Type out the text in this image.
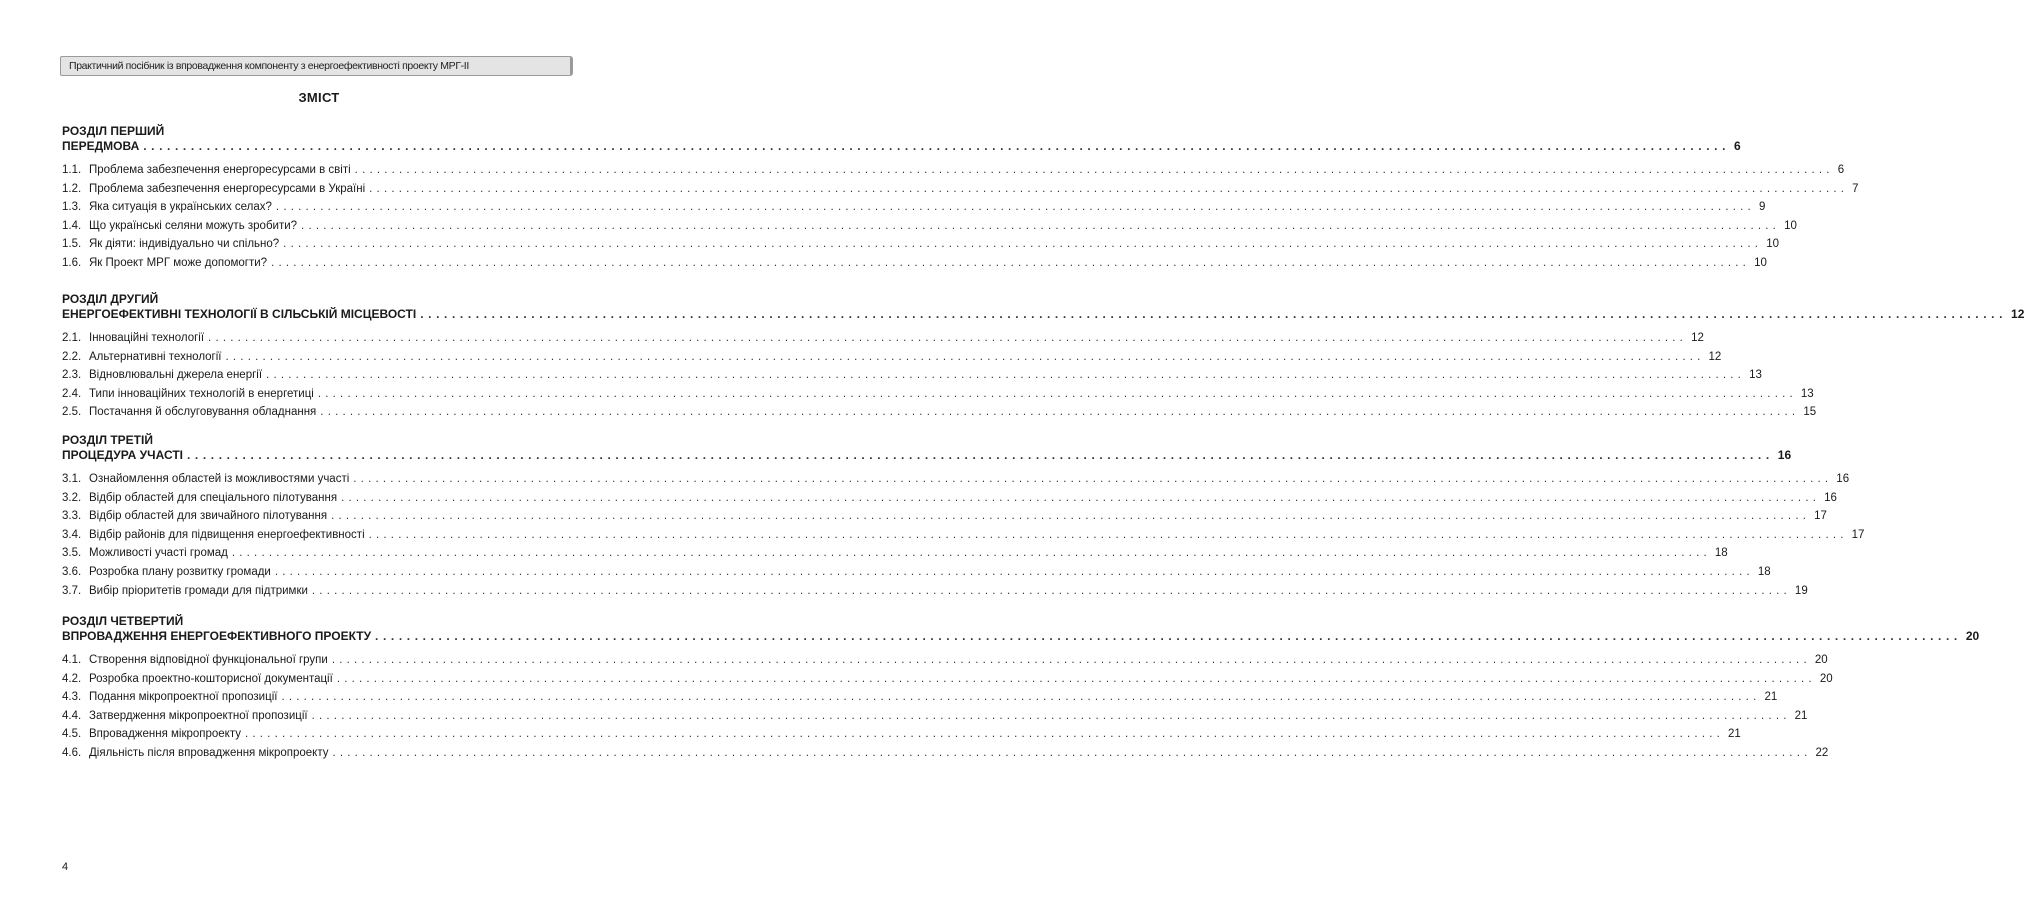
Практичний посібник із впровадження компоненту з енергоефективності проекту МРГ-ІІ
ЗМІСТ
РОЗДІЛ ПЕРШИЙ
ПЕРЕДМОВА ........................................................................................................................................................................................................ 6
1.1. Проблема забезпечення енергоресурсами в світі ........................................................................................................................................................................................................ 6
1.2. Проблема забезпечення енергоресурсами в Україні ........................................................................................................................................................................................................ 7
1.3. Яка ситуація в українських селах? ........................................................................................................................................................................................................ 9
1.4. Що українські селяни можуть зробити? ........................................................................................................................................................................................................ 10
1.5. Як діяти: індивідуально чи спільно? ........................................................................................................................................................................................................ 10
1.6. Як Проект МРГ може допомогти? ........................................................................................................................................................................................................ 10
РОЗДІЛ ДРУГИЙ
ЕНЕРГОЕФЕКТИВНІ ТЕХНОЛОГІЇ В СІЛЬСЬКІЙ МІСЦЕВОСТІ ........................................................................................................................................................................................................ 12
2.1. Інноваційні технології ........................................................................................................................................................................................................ 12
2.2. Альтернативні технології ........................................................................................................................................................................................................ 12
2.3. Відновлювальні джерела енергії ........................................................................................................................................................................................................ 13
2.4. Типи інноваційних технологій в енергетиці ........................................................................................................................................................................................................ 13
2.5. Постачання й обслуговування обладнання ........................................................................................................................................................................................................ 15
РОЗДІЛ ТРЕТІЙ
ПРОЦЕДУРА УЧАСТІ ........................................................................................................................................................................................................ 16
3.1. Ознайомлення областей із можливостями участі ........................................................................................................................................................................................................ 16
3.2. Відбір областей для спеціального пілотування ........................................................................................................................................................................................................ 16
3.3. Відбір областей для звичайного пілотування ........................................................................................................................................................................................................ 17
3.4. Відбір районів для підвищення енергоефективності ........................................................................................................................................................................................................ 17
3.5. Можливості участі громад ........................................................................................................................................................................................................ 18
3.6. Розробка плану розвитку громади ........................................................................................................................................................................................................ 18
3.7. Вибір пріоритетів громади для підтримки ........................................................................................................................................................................................................ 19
РОЗДІЛ ЧЕТВЕРТИЙ
ВПРОВАДЖЕННЯ ЕНЕРГОЕФЕКТИВНОГО ПРОЕКТУ ........................................................................................................................................................................................................ 20
4.1. Створення відповідної функціональної групи ........................................................................................................................................................................................................ 20
4.2. Розробка проектно-кошторисної документації ........................................................................................................................................................................................................ 20
4.3. Подання мікропроектної пропозиції ........................................................................................................................................................................................................ 21
4.4. Затвердження мікропроектної пропозиції ........................................................................................................................................................................................................ 21
4.5. Впровадження мікропроекту ........................................................................................................................................................................................................ 21
4.6. Діяльність після впровадження мікропроекту ........................................................................................................................................................................................................ 22
4
